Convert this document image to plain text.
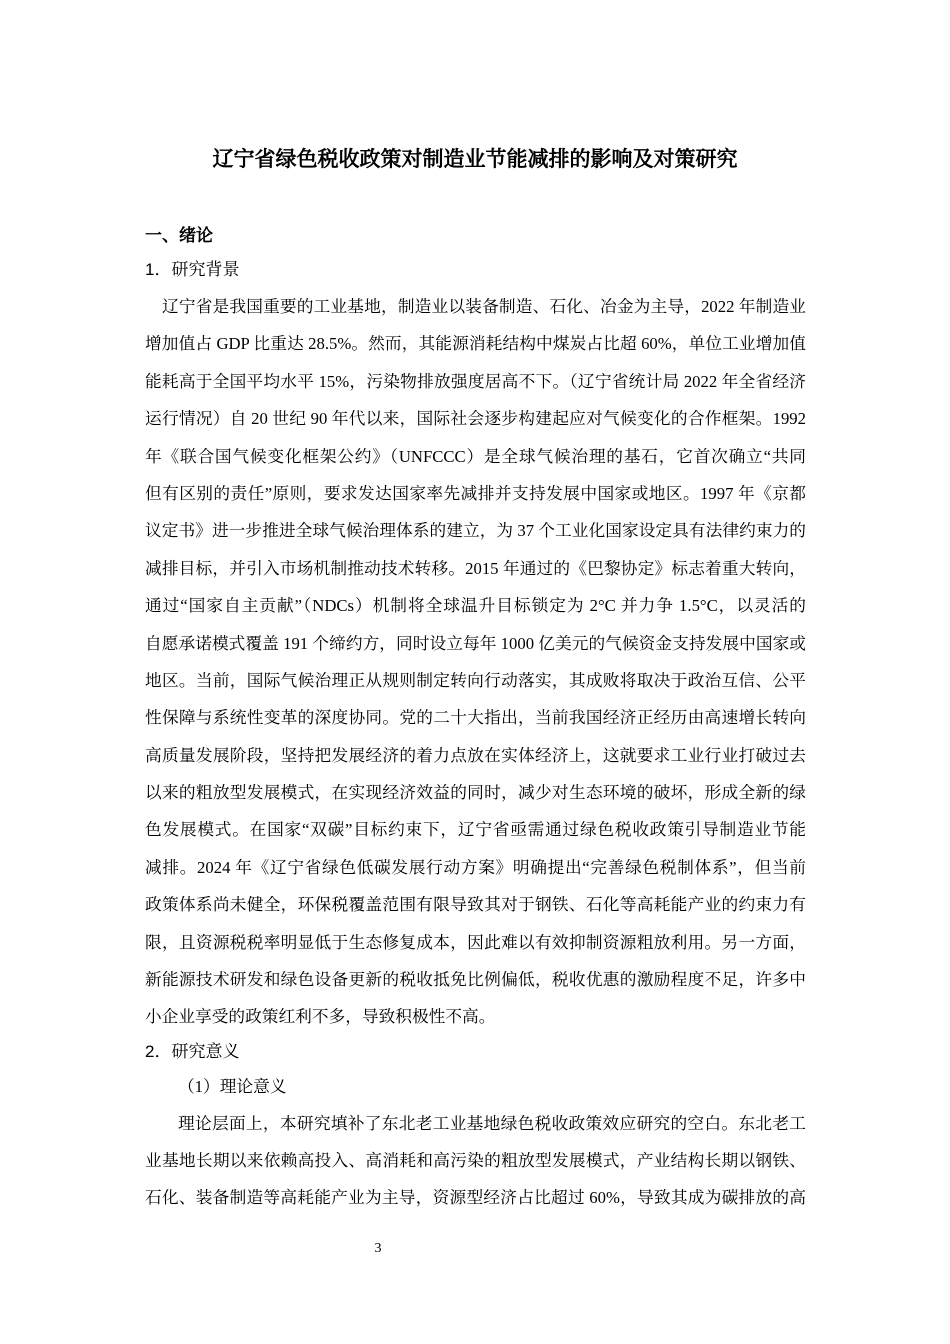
辽宁省绿色税收政策对制造业节能减排的影响及对策研究
一、绪论
1．研究背景
辽宁省是我国重要的工业基地，制造业以装备制造、石化、冶金为主导，2022 年制造业
增加值占 GDP 比重达 28.5%。然而，其能源消耗结构中煤炭占比超 60%，单位工业增加值
能耗高于全国平均水平 15%，污染物排放强度居高不下。（辽宁省统计局 2022 年全省经济
运行情况）自 20 世纪 90 年代以来，国际社会逐步构建起应对气候变化的合作框架。1992
年《联合国气候变化框架公约》（UNFCCC）是全球气候治理的基石，它首次确立“共同
但有区别的责任”原则，要求发达国家率先减排并支持发展中国家或地区。1997 年《京都
议定书》进一步推进全球气候治理体系的建立，为 37 个工业化国家设定具有法律约束力的
减排目标，并引入市场机制推动技术转移。2015 年通过的《巴黎协定》标志着重大转向，
通过“国家自主贡献”（NDCs）机制将全球温升目标锁定为 2°C 并力争 1.5°C，以灵活的
自愿承诺模式覆盖 191 个缔约方，同时设立每年 1000 亿美元的气候资金支持发展中国家或
地区。当前，国际气候治理正从规则制定转向行动落实，其成败将取决于政治互信、公平
性保障与系统性变革的深度协同。党的二十大指出，当前我国经济正经历由高速增长转向
高质量发展阶段，坚持把发展经济的着力点放在实体经济上，这就要求工业行业打破过去
以来的粗放型发展模式，在实现经济效益的同时，减少对生态环境的破坏，形成全新的绿
色发展模式。在国家“双碳”目标约束下，辽宁省亟需通过绿色税收政策引导制造业节能
减排。2024 年《辽宁省绿色低碳发展行动方案》明确提出“完善绿色税制体系”，但当前
政策体系尚未健全，环保税覆盖范围有限导致其对于钢铁、石化等高耗能产业的约束力有
限，且资源税税率明显低于生态修复成本，因此难以有效抑制资源粗放利用。另一方面，
新能源技术研发和绿色设备更新的税收抵免比例偏低，税收优惠的激励程度不足，许多中
小企业享受的政策红利不多，导致积极性不高。
2．研究意义
（1）理论意义
理论层面上，本研究填补了东北老工业基地绿色税收政策效应研究的空白。东北老工
业基地长期以来依赖高投入、高消耗和高污染的粗放型发展模式，产业结构长期以钢铁、
石化、装备制造等高耗能产业为主导，资源型经济占比超过 60%，导致其成为碳排放的高
3
